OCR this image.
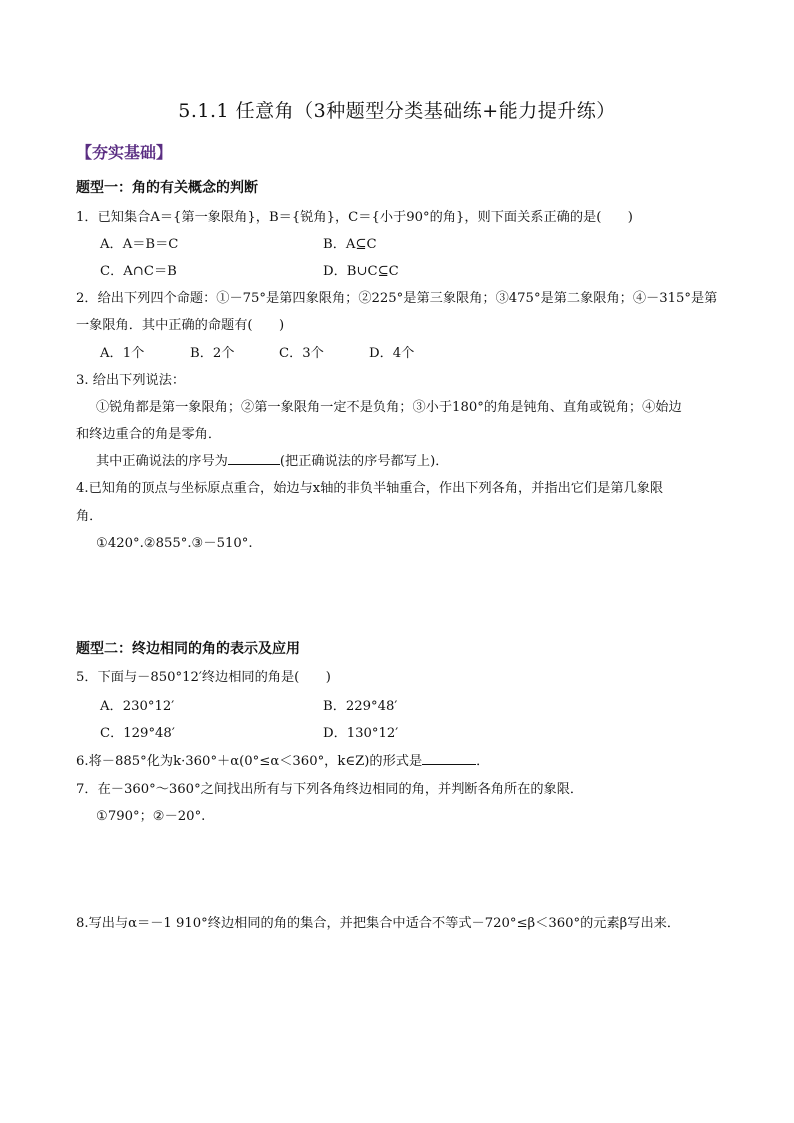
5.1.1 任意角（3种题型分类基础练+能力提升练）
【夯实基础】
题型一：角的有关概念的判断
1．已知集合A＝{第一象限角}，B＝{锐角}，C＝{小于90°的角}，则下面关系正确的是(　　)
A．A＝B＝C	B．A⊆C
C．A∩C＝B	D．B∪C⊆C
2．给出下列四个命题：①－75°是第四象限角；②225°是第三象限角；③475°是第二象限角；④－315°是第
一象限角．其中正确的命题有(　　)
A．1个	B．2个	C．3个	D．4个
3. 给出下列说法：
①锐角都是第一象限角；②第一象限角一定不是负角；③小于180°的角是钝角、直角或锐角；④始边
和终边重合的角是零角．
其中正确说法的序号为	(把正确说法的序号都写上)．
4.已知角的顶点与坐标原点重合，始边与x轴的非负半轴重合，作出下列各角，并指出它们是第几象限
角．
①420°.②855°.③－510°.
题型二：终边相同的角的表示及应用
5．下面与－850°12′终边相同的角是(　　)
A．230°12′	B．229°48′
C．129°48′	D．130°12′
6.将－885°化为k·360°＋α(0°≤α＜360°，k∈Z)的形式是	．
7．在－360°～360°之间找出所有与下列各角终边相同的角，并判断各角所在的象限．
①790°；②－20°.
8.写出与α＝－1 910°终边相同的角的集合，并把集合中适合不等式－720°≤β＜360°的元素β写出来．
